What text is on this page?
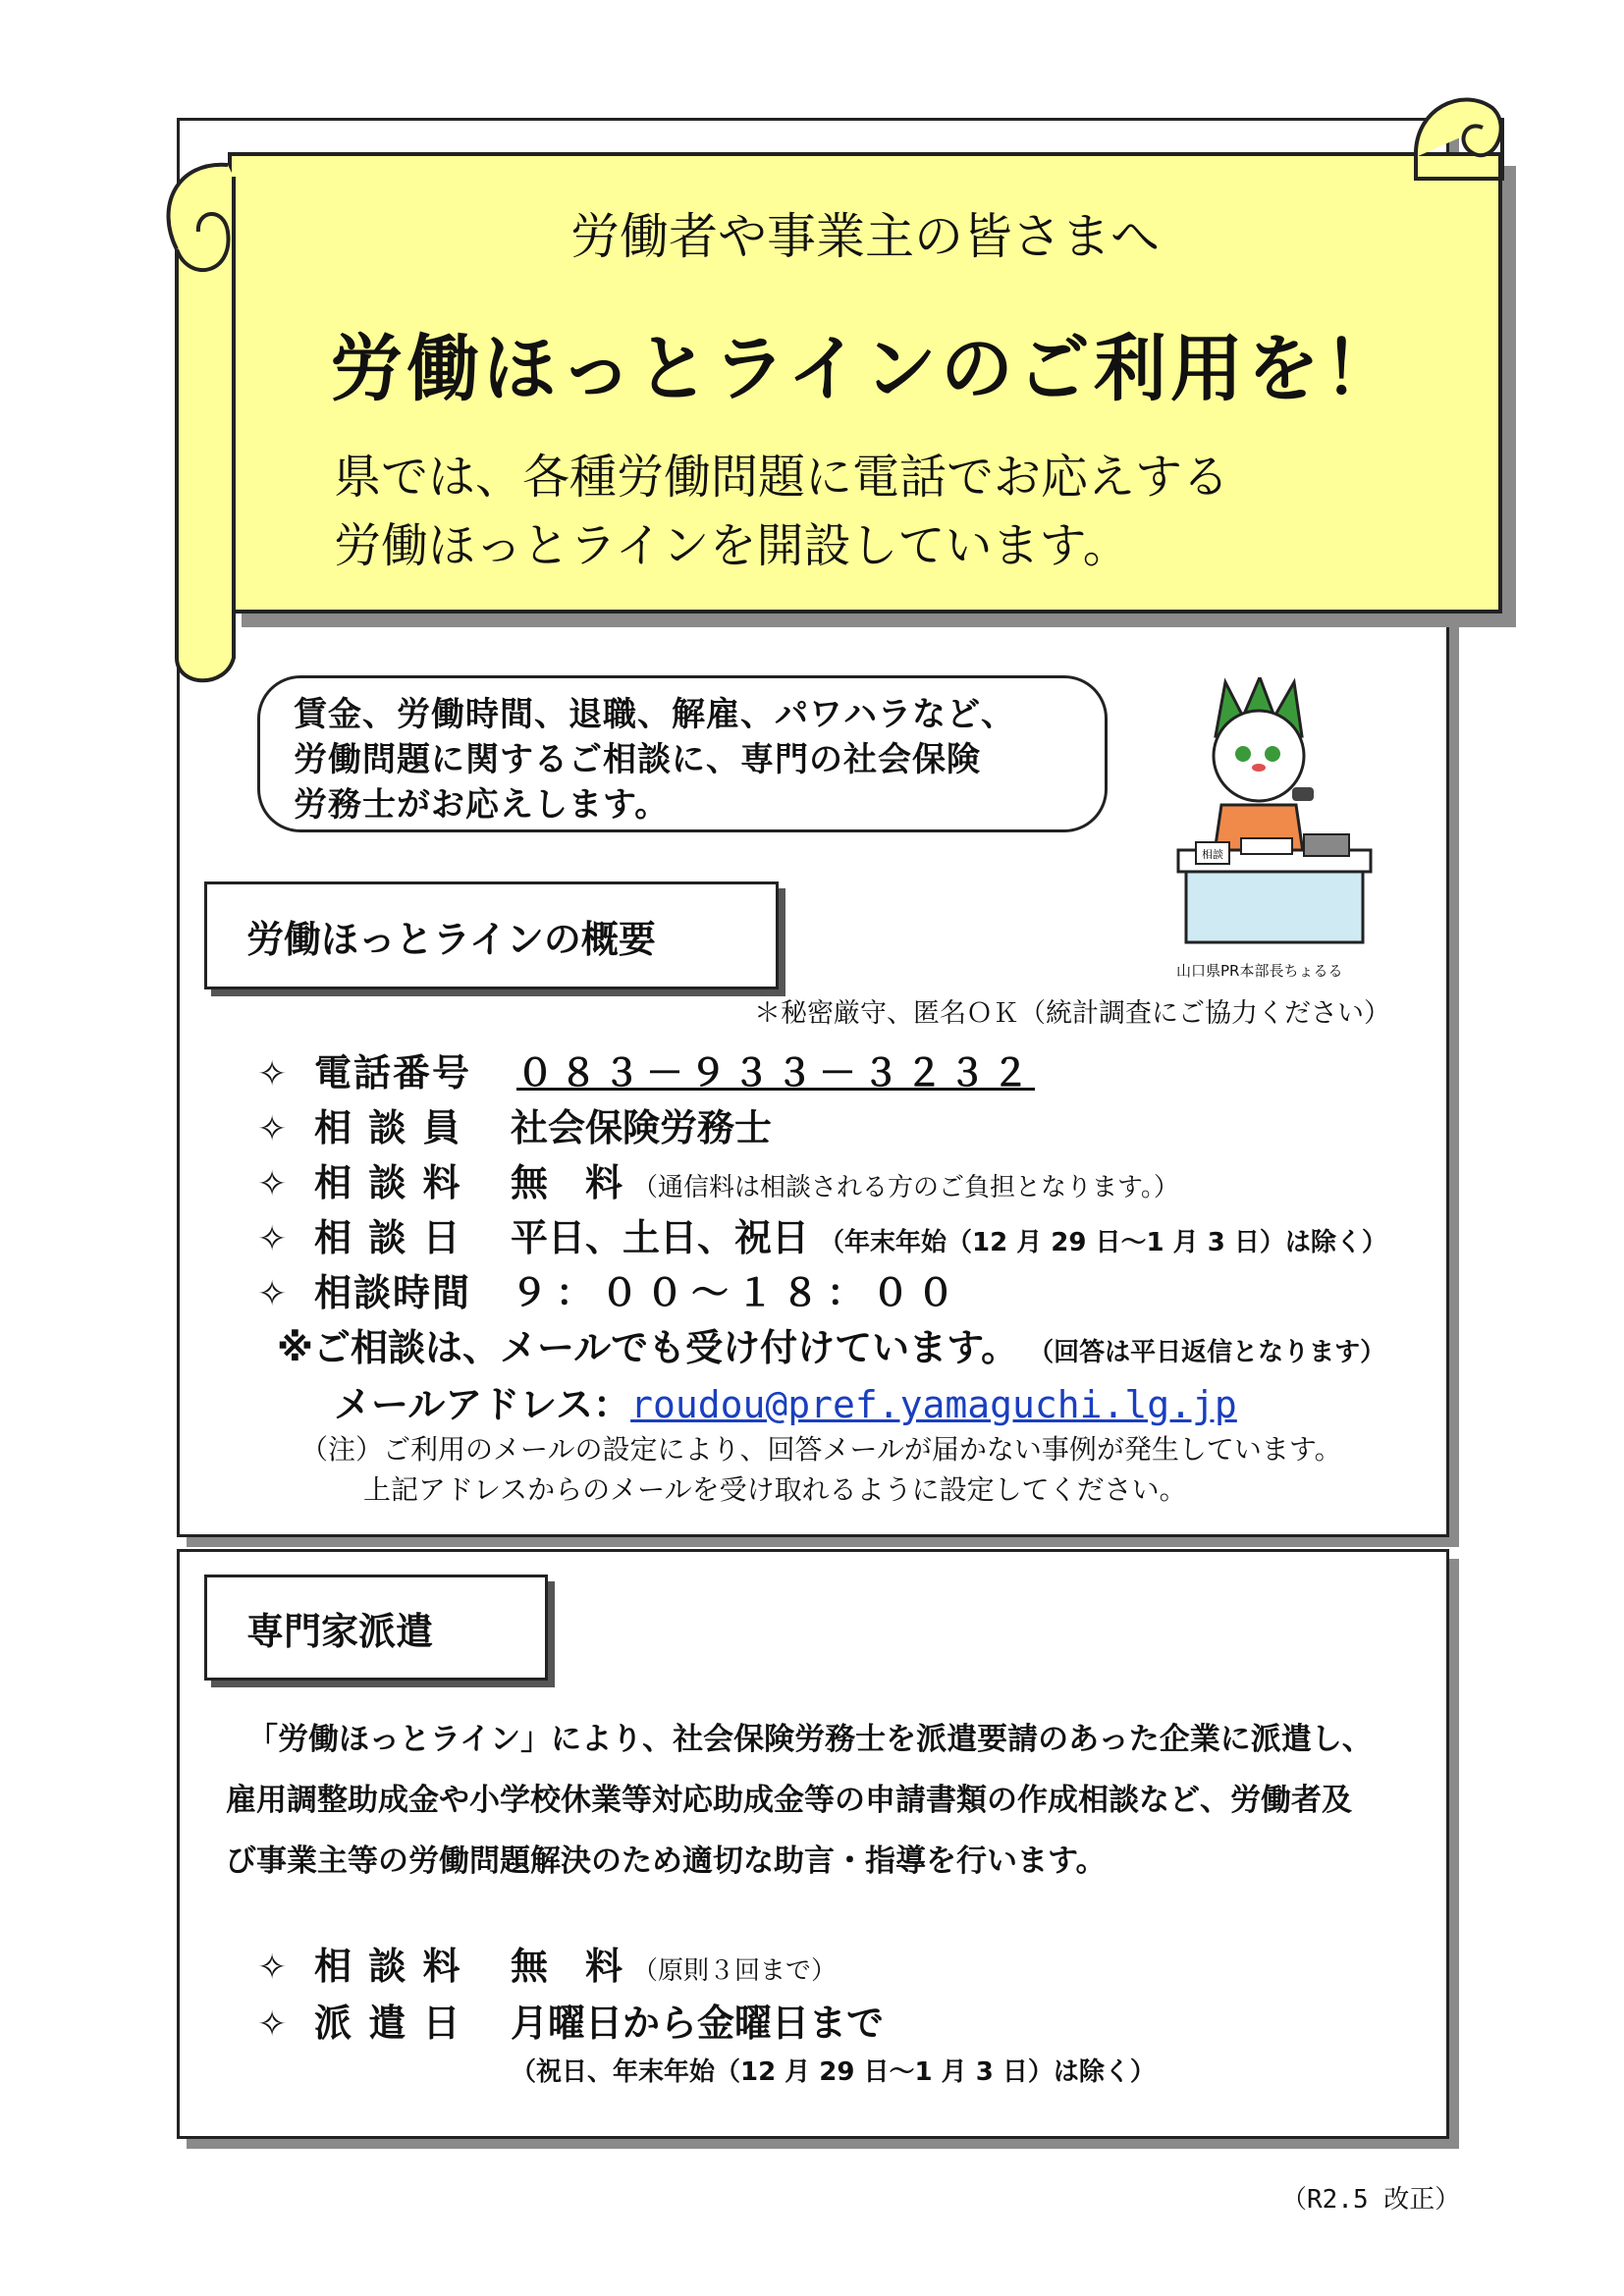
労働者や事業主の皆さまへ
労働ほっとラインのご利用を！
県では、各種労働問題に電話でお応えする
労働ほっとラインを開設しています。

賃金、労働時間、退職、解雇、パワハラなど、

労働問題に関するご相談に、専門の社会保険

労務士がお応えします。

相談
山口県PR本部長ちょるる
労働ほっとラインの概要
＊秘密厳守、匿名ＯＫ（統計調査にご協力ください）
✧ 電話番号	０８３－９３３－３２３２
✧ 相 談 員	社会保険労務士
✧ 相 談 料	無　料 （通信料は相談される方のご負担となります。）
✧ 相 談 日	平日、土日、祝日 （年末年始（12 月 29 日～1 月 3 日）は除く）
✧ 相談時間	９：００～１８：００
※ご相談は、メールでも受け付けています。 （回答は平日返信となります）
メールアドレス： roudou@pref.yamaguchi.lg.jp
（注）ご利用のメールの設定により、回答メールが届かない事例が発生しています。
上記アドレスからのメールを受け取れるように設定してください。
専門家派遣
「労働ほっとライン」により、社会保険労務士を派遣要請のあった企業に派遣し、
雇用調整助成金や小学校休業等対応助成金等の申請書類の作成相談など、労働者及
び事業主等の労働問題解決のため適切な助言・指導を行います。
✧ 相 談 料	無　料 （原則３回まで）
✧ 派 遣 日	月曜日から金曜日まで
（祝日、年末年始（12 月 29 日～1 月 3 日）は除く）
（R2.5 改正）
